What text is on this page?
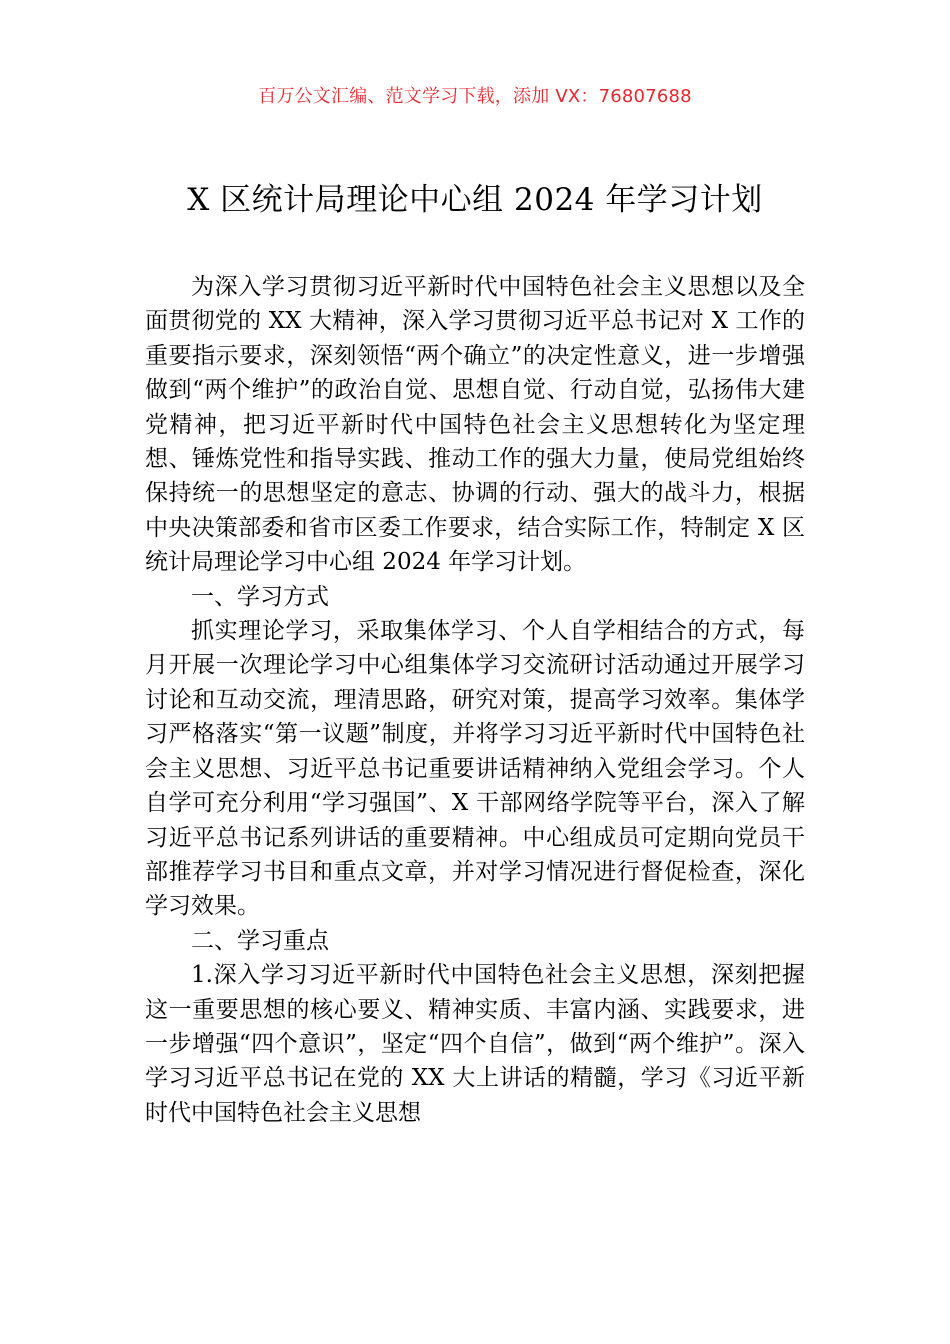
百万公文汇编、范文学习下载，添加 VX：76807688
X 区统计局理论中心组 2024 年学习计划

为深入学习贯彻习近平新时代中国特色社会主义思想以及全面贯彻党的 XX 大精神，深入学习贯彻习近平总书记对 X 工作的重要指示要求，深刻领悟“两个确立”的决定性意义，进一步增强做到“两个维护”的政治自觉、思想自觉、行动自觉，弘扬伟大建党精神，把习近平新时代中国特色社会主义思想转化为坚定理想、锤炼党性和指导实践、推动工作的强大力量，使局党组始终保持统一的思想坚定的意志、协调的行动、强大的战斗力，根据中央决策部委和省市区委工作要求，结合实际工作，特制定 X 区统计局理论学习中心组 2024 年学习计划。

一、学习方式

抓实理论学习，采取集体学习、个人自学相结合的方式，每月开展一次理论学习中心组集体学习交流研讨活动通过开展学习讨论和互动交流，理清思路，研究对策，提高学习效率。集体学习严格落实“第一议题”制度，并将学习习近平新时代中国特色社会主义思想、习近平总书记重要讲话精神纳入党组会学习。个人自学可充分利用“学习强国”、X 干部网络学院等平台，深入了解习近平总书记系列讲话的重要精神。中心组成员可定期向党员干部推荐学习书目和重点文章，并对学习情况进行督促检查，深化学习效果。

二、学习重点

1.深入学习习近平新时代中国特色社会主义思想，深刻把握这一重要思想的核心要义、精神实质、丰富内涵、实践要求，进一步增强“四个意识”，坚定“四个自信”，做到“两个维护”。深入学习习近平总书记在党的 XX 大上讲话的精髓，学习《习近平新时代中国特色社会主义思想
